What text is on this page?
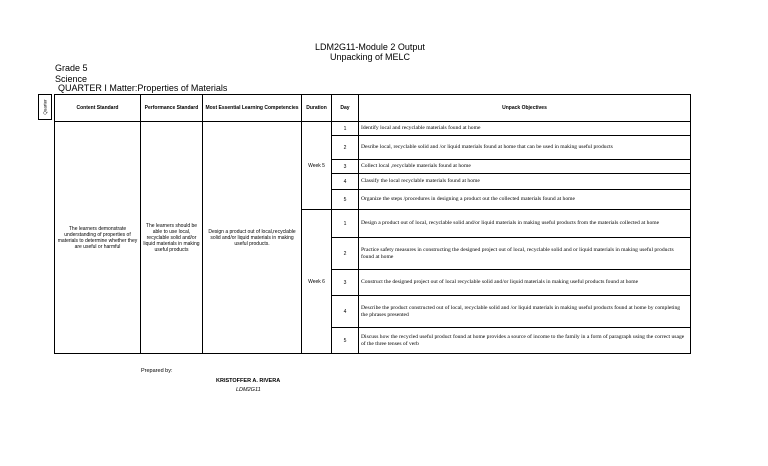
LDM2G11-Module 2 Output
Unpacking of MELC
Grade 5
Science
QUARTER I Matter:Properties of Materials
Quarter	Content Standard	Performance Standard	Most Essential Learning Competencies	Duration	Day	Unpack Objectives
The learners demonstrate understanding of properties of materials to determine whether they are useful or harmful	The learners should be able to use local, recyclable solid and/or liquid materials in making useful products	Design a product out of local,recyclable solid and/or liquid materials in making useful products.	Week 5	1	Identify local and recyclable materials found at home
				2	Desribe local, recyclable solid and /or liquid materials found at home that can be used in making useful products
				3	Collect local ,recyclable materials found at home
				4	Classify the local recyclable materials found at home
				5	Organize the steps /procedures in designing a product out the collected materials found at home
			Week 6	1	Design a product out of local, recyclable solid and/or liquid materials in making useful products from the materials collected at home
				2	Practice safety measures in constructing the designed project out of local, recyclable solid and or liquid materials in making useful products found at home
				3	Construct the designed project out of local recyclable solid and/or liquid materials in making useful products found at home
				4	Describe the product constructed out of local, recyclable solid and /or liquid materials in making useful products found at home by completing the phrases presented
				5	Discuss how the recycled useful product found at home provides a source of income to the family in a form of paragraph using the correct usage of the three tenses of verb
Prepared by:
KRISTOFFER A. RIVERA
LDM2G11
